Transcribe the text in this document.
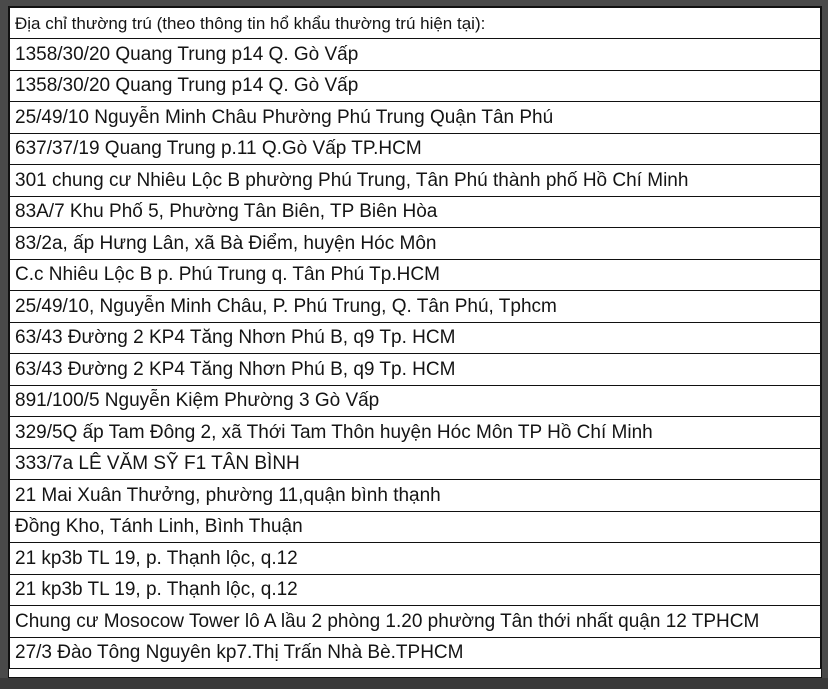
Địa chỉ thường trú (theo thông tin hổ khẩu thường trú hiện tại):
1358/30/20 Quang Trung p14 Q. Gò Vấp
1358/30/20 Quang Trung p14 Q. Gò Vấp
25/49/10 Nguyễn Minh Châu Phường Phú Trung Quận Tân Phú
637/37/19 Quang Trung p.11 Q.Gò Vấp TP.HCM
301 chung cư Nhiêu Lộc B phường Phú Trung, Tân Phú thành phố Hồ Chí Minh
83A/7 Khu Phố 5, Phường Tân Biên, TP Biên Hòa
83/2a, ấp Hưng Lân, xã Bà Điểm, huyện Hóc Môn
C.c Nhiêu Lộc B p. Phú Trung q. Tân Phú Tp.HCM
25/49/10, Nguyễn Minh Châu, P. Phú Trung, Q. Tân Phú, Tphcm
63/43 Đường 2 KP4 Tăng Nhơn Phú B, q9 Tp. HCM
63/43 Đường 2 KP4 Tăng Nhơn Phú B, q9 Tp. HCM
891/100/5 Nguyễn Kiệm Phường 3 Gò Vấp
329/5Q ấp Tam Đông 2, xã Thới Tam Thôn huyện Hóc Môn TP Hồ Chí Minh
333/7a LÊ VĂM SỸ F1 TÂN BÌNH
21 Mai Xuân Thưởng, phường 11,quận bình thạnh
Đồng Kho, Tánh Linh, Bình Thuận
21 kp3b TL 19, p. Thạnh lộc, q.12
21 kp3b TL 19, p. Thạnh lộc, q.12
Chung cư Mosocow Tower lô A lầu 2 phòng 1.20 phường Tân thới nhất quận 12 TPHCM
27/3 Đào Tông Nguyên kp7.Thị Trấn Nhà Bè.TPHCM
